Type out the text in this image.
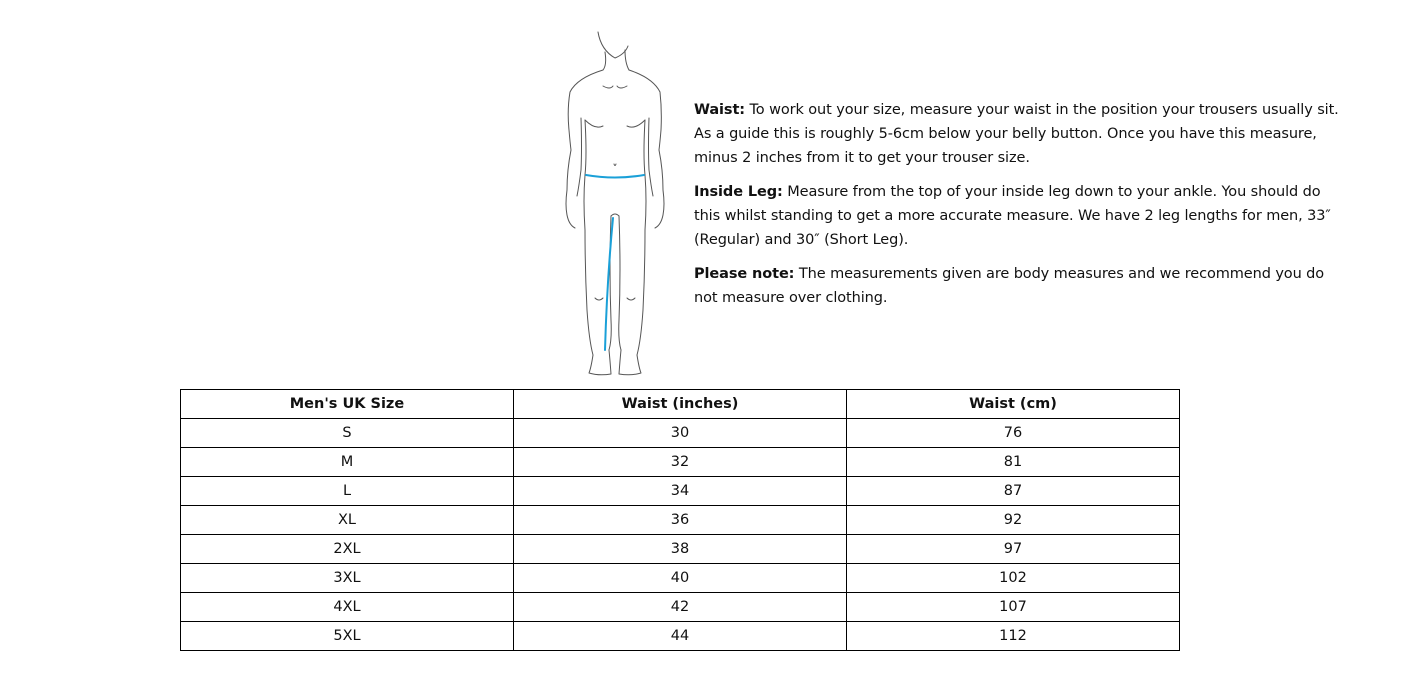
Waist: To work out your size, measure your waist in the position your trousers usually sit. As a guide this is roughly 5-6cm below your belly button. Once you have this measure, minus 2 inches from it to get your trouser size.

Inside Leg: Measure from the top of your inside leg down to your ankle. You should do this whilst standing to get a more accurate measure. We have 2 leg lengths for men, 33″ (Regular) and 30″ (Short Leg).

Please note: The measurements given are body measures and we recommend you do not measure over clothing.

Men's UK Size	Waist (inches)	Waist (cm)
S	30	76
M	32	81
L	34	87
XL	36	92
2XL	38	97
3XL	40	102
4XL	42	107
5XL	44	112
